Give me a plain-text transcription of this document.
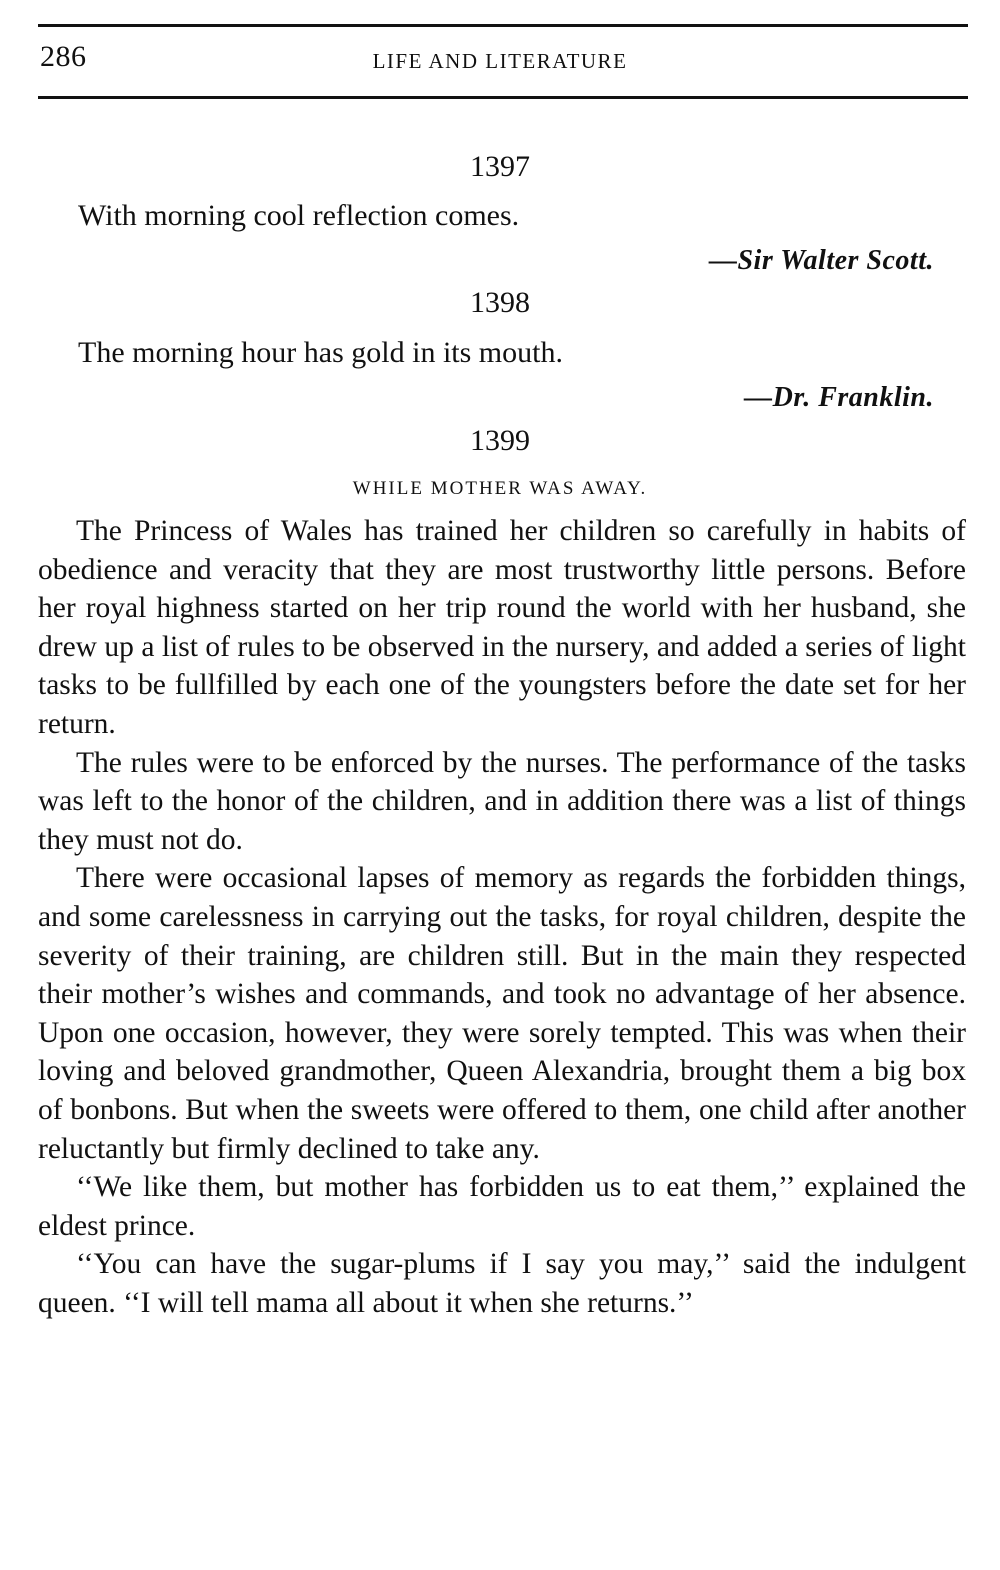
286	LIFE AND LITERATURE
1397
With morning cool reflection comes.
—Sir Walter Scott.
1398
The morning hour has gold in its mouth.
—Dr. Franklin.
1399
WHILE MOTHER WAS AWAY.

The Princess of Wales has trained her children so carefully in habits of obedience and veracity that they are most trustworthy little persons. Before her royal highness started on her trip round the world with her husband, she drew up a list of rules to be observed in the nursery, and added a series of light tasks to be fullfilled by each one of the youngsters before the date set for her return.

The rules were to be enforced by the nurses. The performance of the tasks was left to the honor of the children, and in addition there was a list of things they must not do.

There were occasional lapses of memory as regards the forbidden things, and some carelessness in carrying out the tasks, for royal children, despite the severity of their training, are children still. But in the main they respected their mother’s wishes and commands, and took no advantage of her absence. Upon one occasion, however, they were sorely tempted. This was when their loving and beloved grandmother, Queen Alexandria, brought them a big box of bonbons. But when the sweets were offered to them, one child after another reluctantly but firmly declined to take any.

‘‘We like them, but mother has forbidden us to eat them,’’ explained the eldest prince.

‘‘You can have the sugar-plums if I say you may,’’ said the indulgent queen. ‘‘I will tell mama all about it when she returns.’’
